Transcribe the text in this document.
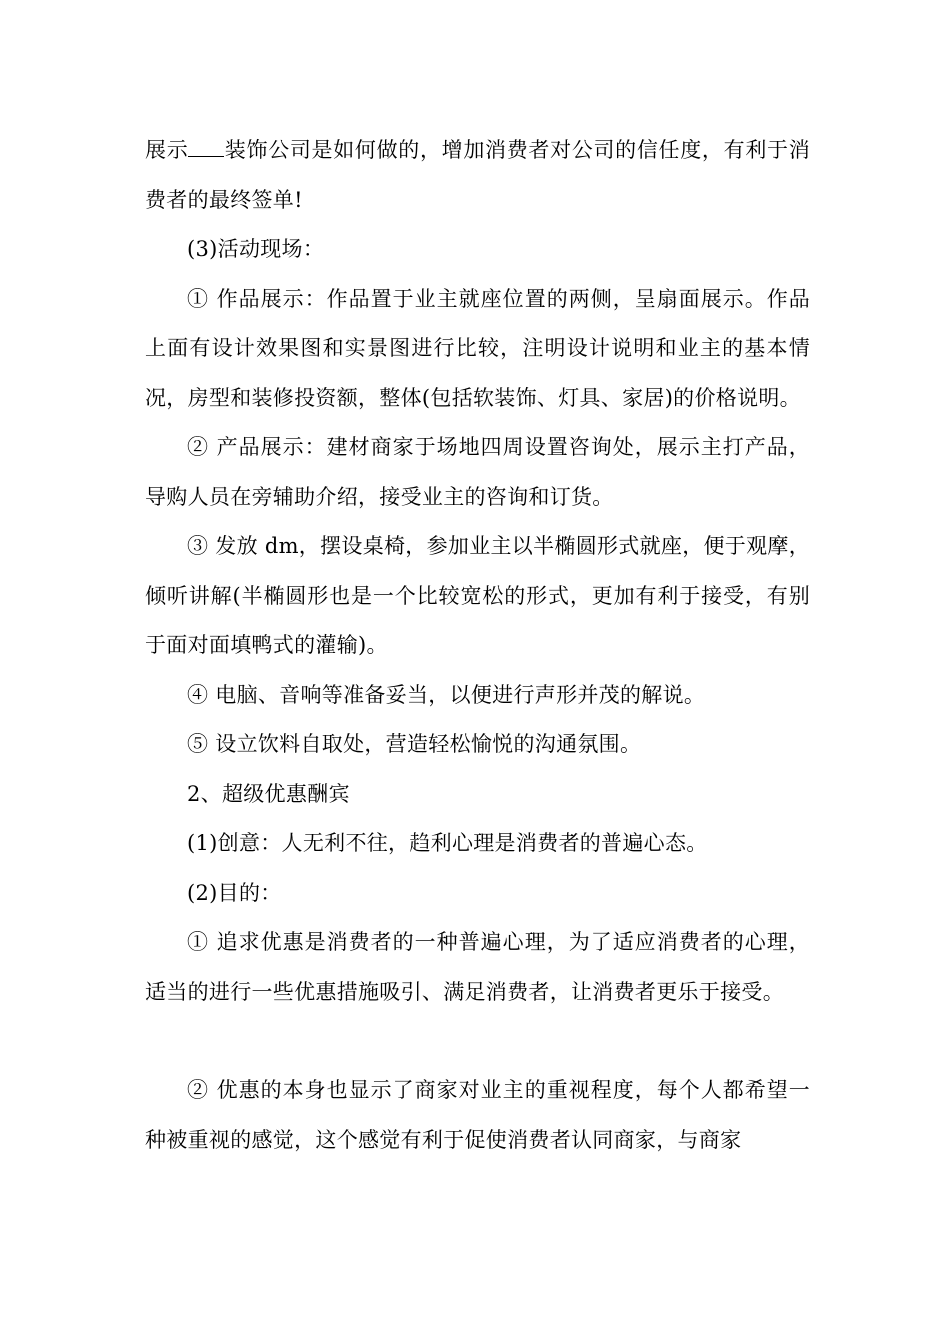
展示 装饰公司是如何做的，增加消费者对公司的信任度，有利于消费者的最终签单!

(3)活动现场：

① 作品展示：作品置于业主就座位置的两侧，呈扇面展示。作品上面有设计效果图和实景图进行比较，注明设计说明和业主的基本情况，房型和装修投资额，整体(包括软装饰、灯具、家居)的价格说明。

② 产品展示：建材商家于场地四周设置咨询处，展示主打产品，导购人员在旁辅助介绍，接受业主的咨询和订货。

③ 发放 dm，摆设桌椅，参加业主以半椭圆形式就座，便于观摩，倾听讲解(半椭圆形也是一个比较宽松的形式，更加有利于接受，有别于面对面填鸭式的灌输)。

④ 电脑、音响等准备妥当，以便进行声形并茂的解说。

⑤ 设立饮料自取处，营造轻松愉悦的沟通氛围。

2、超级优惠酬宾

(1)创意：人无利不往，趋利心理是消费者的普遍心态。

(2)目的：

① 追求优惠是消费者的一种普遍心理，为了适应消费者的心理，适当的进行一些优惠措施吸引、满足消费者，让消费者更乐于接受。

② 优惠的本身也显示了商家对业主的重视程度，每个人都希望一种被重视的感觉，这个感觉有利于促使消费者认同商家，与商家
